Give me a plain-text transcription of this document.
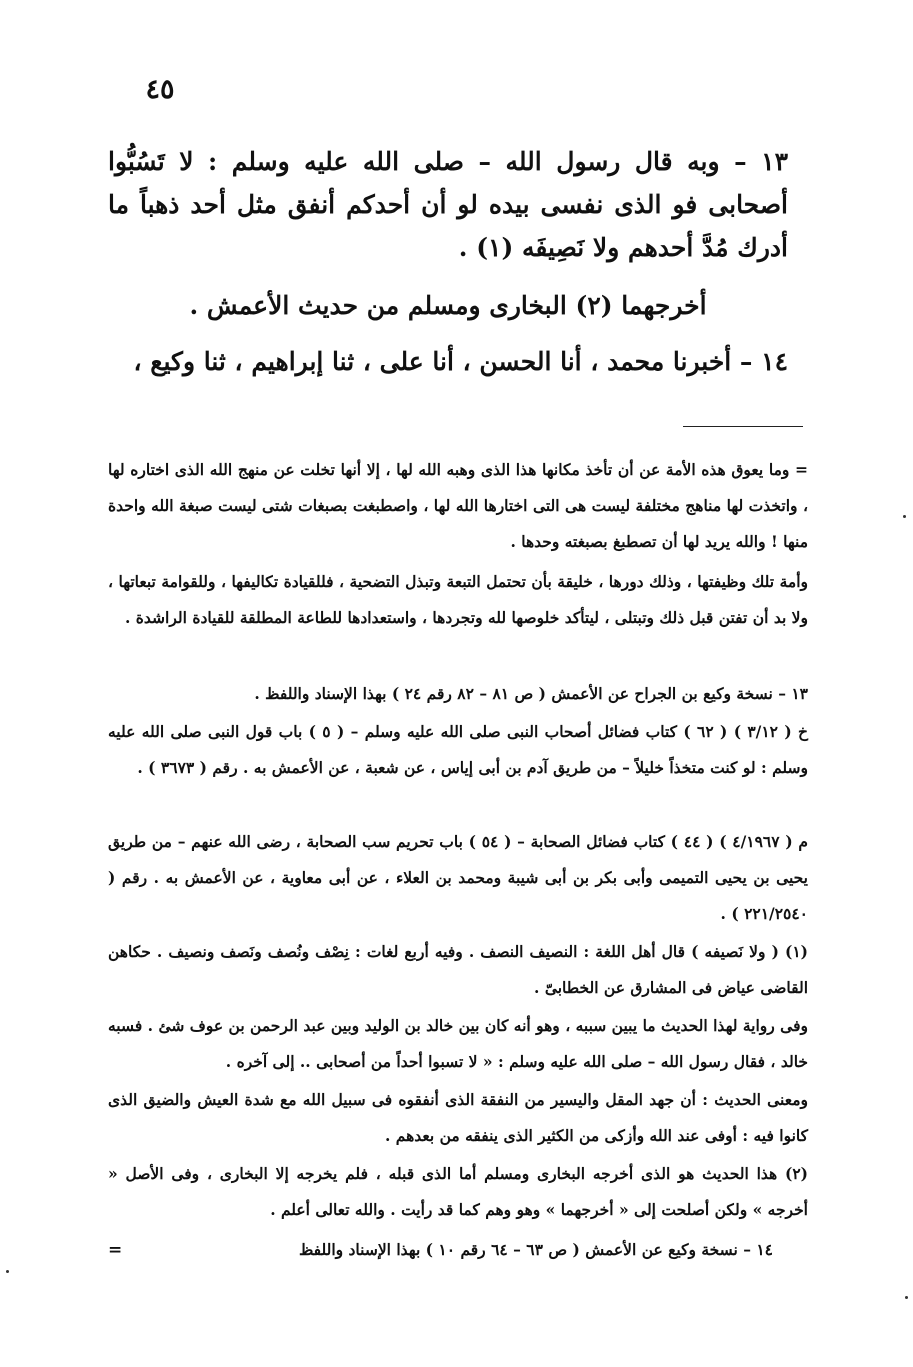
٤٥
١٣ – وبه قال رسول الله – صلى الله عليه وسلم : لا تَسُبُّوا أصحابى فو الذى نفسى بيده لو أن أحدكم أنفق مثل أحد ذهباً ما أدرك مُدَّ أحدهم ولا نَصِيفَه (١) .
أخرجهما (٢) البخارى ومسلم من حديث الأعمش .
١٤ – أخبرنا محمد ، أنا الحسن ، أنا على ، ثنا إبراهيم ، ثنا وكيع ،
= وما يعوق هذه الأمة عن أن تأخذ مكانها هذا الذى وهبه الله لها ، إلا أنها تخلت عن منهج الله الذى اختاره لها ، واتخذت لها مناهج مختلفة ليست هى التى اختارها الله لها ، واصطبغت بصبغات شتى ليست صبغة الله واحدة منها ! والله يريد لها أن تصطبغ بصبغته وحدها .
وأمة تلك وظيفتها ، وذلك دورها ، خليقة بأن تحتمل التبعة وتبذل التضحية ، فللقيادة تكاليفها ، وللقوامة تبعاتها ، ولا بد أن تفتن قبل ذلك وتبتلى ، ليتأكد خلوصها لله وتجردها ، واستعدادها للطاعة المطلقة للقيادة الراشدة .
١٣ – نسخة وكيع بن الجراح عن الأعمش ( ص ٨١ – ٨٢ رقم ٢٤ ) بهذا الإسناد واللفظ .
خ ( ٣/١٢ ) ( ٦٢ ) كتاب فضائل أصحاب النبى صلى الله عليه وسلم – ( ٥ ) باب قول النبى صلى الله عليه وسلم : لو كنت متخذاً خليلاً – من طريق آدم بن أبى إياس ، عن شعبة ، عن الأعمش به . رقم ( ٣٦٧٣ ) .
م ( ٤/١٩٦٧ ) ( ٤٤ ) كتاب فضائل الصحابة – ( ٥٤ ) باب تحريم سب الصحابة ، رضى الله عنهم – من طريق يحيى بن يحيى التميمى وأبى بكر بن أبى شيبة ومحمد بن العلاء ، عن أبى معاوية ، عن الأعمش به . رقم ( ٢٢١/٢٥٤٠ ) .
(١) ( ولا نَصيفه ) قال أهل اللغة : النصيف النصف . وفيه أربع لغات : نِصْف ونُصف ونَصف ونصيف . حكاهن القاضى عياض فى المشارق عن الخطابىّ .
وفى رواية لهذا الحديث ما يبين سببه ، وهو أنه كان بين خالد بن الوليد وبين عبد الرحمن بن عوف شئ . فسبه خالد ، فقال رسول الله – صلى الله عليه وسلم : « لا تسبوا أحداً من أصحابى .. إلى آخره .
ومعنى الحديث : أن جهد المقل واليسير من النفقة الذى أنفقوه فى سبيل الله مع شدة العيش والضيق الذى كانوا فيه : أوفى عند الله وأزكى من الكثير الذى ينفقه من بعدهم .
(٢) هذا الحديث هو الذى أخرجه البخارى ومسلم أما الذى قبله ، فلم يخرجه إلا البخارى ، وفى الأصل « أخرجه » ولكن أصلحت إلى « أخرجهما » وهو وهم كما قد رأيت . والله تعالى أعلم .
١٤ – نسخة وكيع عن الأعمش ( ص ٦٣ – ٦٤ رقم ١٠ ) بهذا الإسناد واللفظ
=
